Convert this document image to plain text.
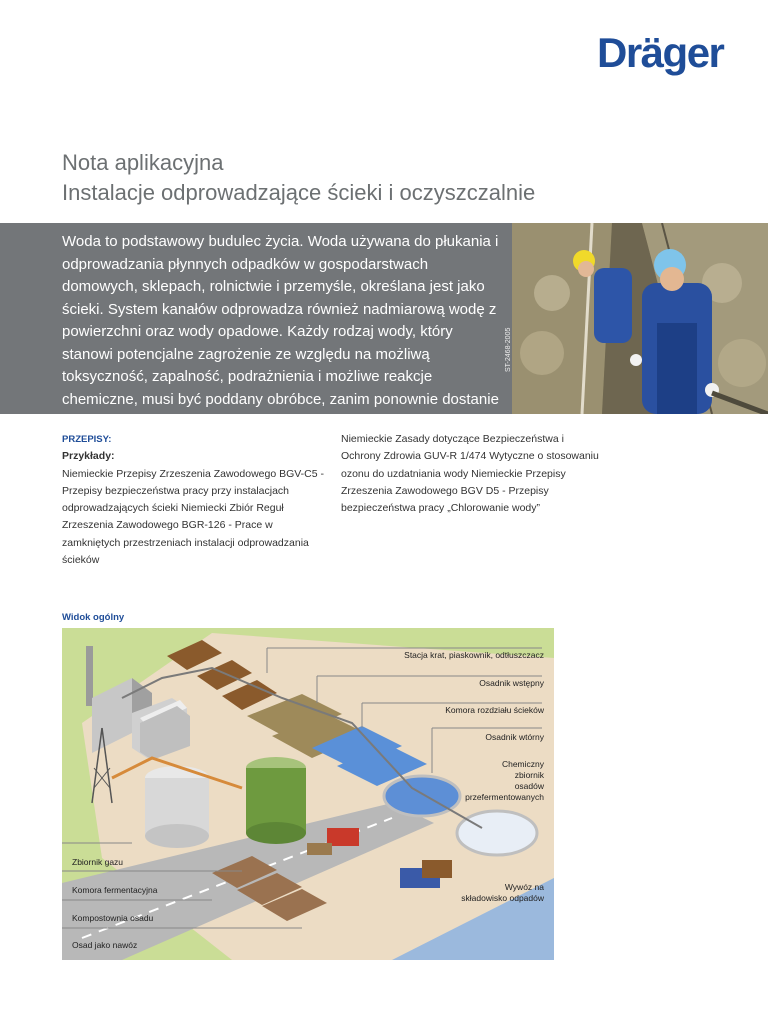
Dräger
Nota aplikacyjna
Instalacje odprowadzające ścieki i oczyszczalnie
Woda to podstawowy budulec życia. Woda używana do płukania i odprowadzania płynnych odpadków w gospodarstwach domowych, sklepach, rolnictwie i przemyśle, określana jest jako ścieki. System kanałów odprowadza również nadmiarową wodę z powierzchni oraz wody opadowe. Każdy rodzaj wody, który stanowi potencjalne zagrożenie ze względu na możliwą toksyczność, zapalność, podrażnienia i możliwe reakcje chemiczne, musi być poddany obróbce, zanim ponownie dostanie się do obiegu.
ST-2468-2005
PRZEPISY:
Przykłady:
Niemieckie Przepisy Zrzeszenia Zawodowego BGV-C5 - Przepisy bezpieczeństwa pracy przy instalacjach odprowadzających ścieki Niemiecki Zbiór Reguł Zrzeszenia Zawodowego BGR-126 - Prace w zamkniętych przestrzeniach instalacji odprowadzania ścieków
Niemieckie Zasady dotyczące Bezpieczeństwa i Ochrony Zdrowia GUV-R 1/474 Wytyczne o stosowaniu ozonu do uzdatniania wody Niemieckie Przepisy Zrzeszenia Zawodowego BGV D5 - Przepisy bezpieczeństwa pracy „Chlorowanie wody”
Widok ogólny
Stacja krat, piaskownik, odtłuszczacz
Osadnik wstępny
Komora rozdziału ścieków
Osadnik wtórny
Chemiczny
zbiornik
osadów
przefermentowanych
Wywóz na
składowisko odpadów
Zbiornik gazu
Komora fermentacyjna
Kompostownia osadu
Osad jako nawóz
